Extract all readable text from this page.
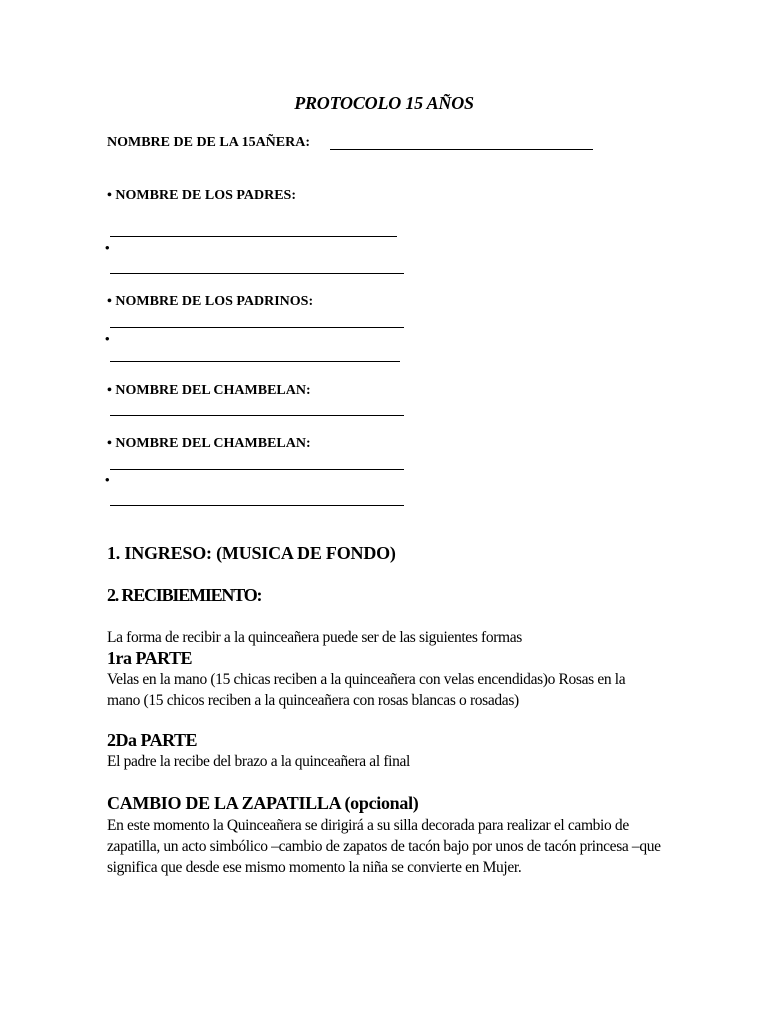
PROTOCOLO 15 AÑOS
NOMBRE DE DE LA 15AÑERA:
• NOMBRE DE LOS PADRES:
•
• NOMBRE DE LOS PADRINOS:
•
• NOMBRE DEL CHAMBELAN:
• NOMBRE DEL CHAMBELAN:
•
1. INGRESO: (MUSICA DE FONDO)
2. RECIBIEMIENTO:
La forma de recibir a la quinceañera puede ser de las siguientes formas
1ra PARTE
Velas en la mano (15 chicas reciben a la quinceañera con velas encendidas)o Rosas en la mano (15 chicos reciben a la quinceañera con rosas blancas o rosadas)
2Da PARTE
El padre la recibe del brazo a la quinceañera al final
CAMBIO DE LA ZAPATILLA (opcional)
En este momento la Quinceañera se dirigirá a su silla decorada para realizar el cambio de zapatilla, un acto simbólico –cambio de zapatos de tacón bajo por unos de tacón princesa –que significa que desde ese mismo momento la niña se convierte en Mujer.
